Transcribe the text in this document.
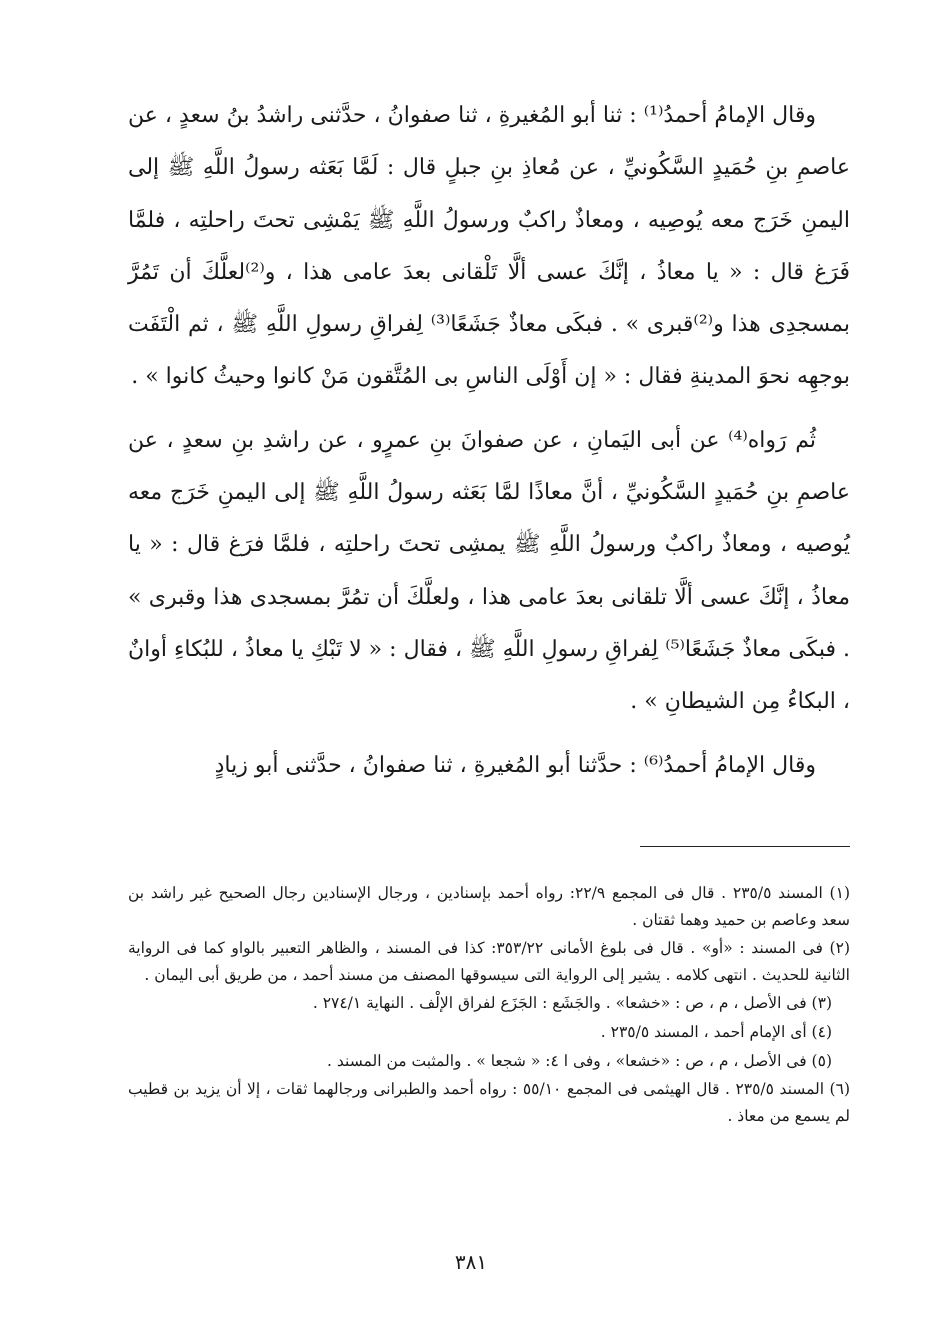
وقال الإمامُ أحمدُ⁽¹⁾ : ثنا أبو المُغيرةِ ، ثنا صفوانُ ، حدَّثنى راشدُ بنُ سعدٍ ، عن عاصمِ بنِ حُمَيدٍ السَّكُونيِّ ، عن مُعاذِ بنِ جبلٍ قال : لَمَّا بَعَثه رسولُ اللَّهِ ﷺ إلى اليمنِ خَرَج معه يُوصِيه ، ومعاذٌ راكبٌ ورسولُ اللَّهِ ﷺ يَمْشِى تحتَ راحلتِه ، فلمَّا فَرَغ قال : « يا معاذُ ، إنَّكَ عسى ألَّا تَلْقانى بعدَ عامى هذا ، و⁽²⁾لعلَّكَ أن تَمُرَّ بمسجدِى هذا و⁽²⁾قبرى » . فبكَى معاذٌ جَشَعًا⁽³⁾ لِفراقِ رسولِ اللَّهِ ﷺ ، ثم الْتَفَت بوجهِه نحوَ المدينةِ فقال : « إن أَوْلَى الناسِ بى المُتَّقون مَنْ كانوا وحيثُ كانوا » .

ثُم رَواه⁽⁴⁾ عن أبى اليَمانِ ، عن صفوانَ بنِ عمرٍو ، عن راشدِ بنِ سعدٍ ، عن عاصمِ بنِ حُمَيدٍ السَّكُونيِّ ، أنَّ معاذًا لمَّا بَعَثه رسولُ اللَّهِ ﷺ إلى اليمنِ خَرَج معه يُوصيه ، ومعاذٌ راكبٌ ورسولُ اللَّهِ ﷺ يمشِى تحتَ راحلتِه ، فلمَّا فرَغ قال : « يا معاذُ ، إنَّكَ عسى ألَّا تلقانى بعدَ عامى هذا ، ولعلَّكَ أن تمُرَّ بمسجدى هذا وقبرى » . فبكَى معاذٌ جَشَعًا⁽⁵⁾ لِفراقِ رسولِ اللَّهِ ﷺ ، فقال : « لا تَبْكِ يا معاذُ ، للبُكاءِ أوانٌ ، البكاءُ مِن الشيطانِ » .

وقال الإمامُ أحمدُ⁽⁶⁾ : حدَّثنا أبو المُغيرةِ ، ثنا صفوانُ ، حدَّثنى أبو زيادٍ

(١) المسند ٢٣٥/٥ . قال فى المجمع ٢٢/٩: رواه أحمد بإسنادين ، ورجال الإسنادين رجال الصحيح غير راشد بن سعد وعاصم بن حميد وهما ثقتان .

(٢) فى المسند : «أو» . قال فى بلوغ الأمانى ٣٥٣/٢٢: كذا فى المسند ، والظاهر التعبير بالواو كما فى الرواية الثانية للحديث . انتهى كلامه . يشير إلى الرواية التى سيسوقها المصنف من مسند أحمد ، من طريق أبى اليمان .

(٣) فى الأصل ، م ، ص : «خشعا» . والجَشَع : الجَزَع لفراق الإلْف . النهاية ٢٧٤/١ .

(٤) أى الإمام أحمد ، المسند ٢٣٥/٥ .

(٥) فى الأصل ، م ، ص : «خشعا» ، وفى ا ٤: « شجعا » . والمثبت من المسند .

(٦) المسند ٢٣٥/٥ . قال الهيثمى فى المجمع ٥٥/١٠ : رواه أحمد والطبرانى ورجالهما ثقات ، إلا أن يزيد بن قطيب لم يسمع من معاذ .

٣٨١
